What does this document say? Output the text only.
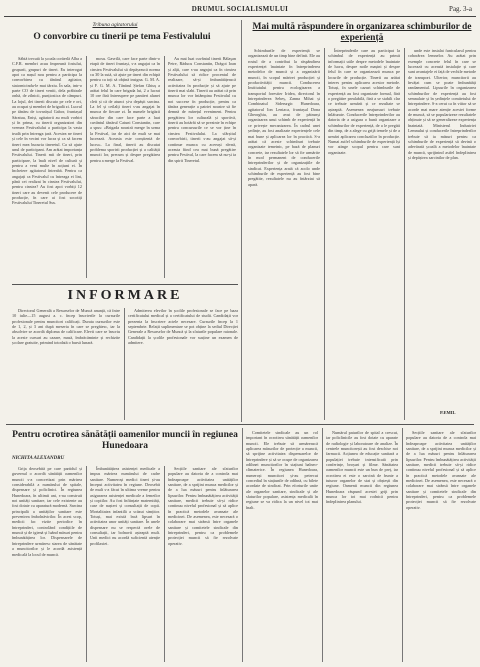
DRUMUL SOCIALISMULUI	Pag. 3-a
Tribuna agitatorului
O convorbire cu tinerii pe tema Festivalului

Săbtă trecută la școala corăerlă Alba a C.F.R. membri acuu împreună fostului, grupurii, grupuri de tineri. Eu interogat apoi ca nașul nou pentru a participa la convorbirea cu tânărul agitator, statornicindu-le mai târziu. În sala, intr-o parte CO de tineri veniti, dela prăbirale onhă, de zilnicii, punțiostica de câmpuri. La lojul, dei tinerii discuto pe cele e ori, au ocupat și membri de brigadă zi. Lucrul pe tânăru de tovarășul Gabor, fruntașul Săratuu, Eniși, agitatorii au mult vorbiri și în prima, cu tinerii organizatori din vremea Festivalului a participa la vasta trudă prin întreaga țară. Acestea ne tineri și cele în vecini vor lucra și ca să facem tineri mea bucuria tineretul. Ca să ajute unul de participant. Am arătat importanța Festivalului. Tinerii mii de tineri, prin participare, la înalt nivel de cultură și pentru a veni multe în acțiuni ei. În încheiere agitatorul întreabă. Pentru ca angajați ca Festivalul cu întreaga ei lini, până cei realizat în cinstea Festivalului, pentru cinstea? Au fost apoi vorbiți 12 tineri care au devenit cele producere de producție, în care ai fost socotiți Festivalului Tineretul Sus.

mosu. Gavrilă, care face parte dintr-o etapă de tineri fruntași, s-a angajat ca în cinstea Festivalului să depășească norma cu 30 la sută, să ajute pe tineri din echipă pentru ca toți să obțină insigna. G. M. A. și F. G. M. A. Tânărul Ștefan Ghiuș a arătat felul în care brigada lui, 2 a lucrat 10 ore fără întrerupere pe pantieri alunei cleit și că de atunci și-a depășit sarcina. La fel și ceilalți tineri s-au angajat în munca de fiecare zi. În numele brigăzii săracilor din care face parte a luat cuvântul tânărul Caiuni Constantin, care a spus: «Brigada noastră merge în urma la Festival, iar de aici de mult se mai lucrează. Aceasta este conștientă de lucru». La final, tinerii au discutat problema sporirii producției și a calității muncii lor, precum și despre pregătirea pentru a merge la Festival.

Au mai luat cuvântul tinerii Bălaşan Petre, Răducu Constantin, Drăgoi Ioan și alții, care s-au angajat ca în cinstea Festivalului să ridice procentul de realizare, să-și îmbunătățească activitatea în producție și să ajute pe tinerii mai slabi. Tinerii au arătat că prin munca lor vor întâmpina Festivalul cu noi succese în producție, pentru ca tânăra generație a patriei noastre să fie demnă de mărețul eveniment. Pentru pregătirea lor culturală și sportivă, tinerii au hotărât să se prezinte în echipe pentru concursurile ce se vor ține în cinstea Festivalului. La sfârșitul convorbirii, tinerii s-au angajat să-și continue munca cu aceeași râvnă, aceasta fiind cea mai bună pregătire pentru Festival, la care facem să nu-și ia din spirit Tineretul.

Mai multă răspundere în organizarea schimburilor de experiență

Schimburile de experiență se organizează de un timp bine definit. Ele au rostul de a contribui la răspândirea experienței înaintate în întreprinderea metodelor de muncă și a organizării muncii, în scopul mărirei producției și productivității muncii. Conducerea Institutului pentru ecologizarea a transportul forestier Iridea, directorul în întreprinderea Sebeș, Zanna Mihai și Combinatul Siderurgic Hunedoara, agitatorul Ion Leniaca, fruntașul Dona Gheorghiu, au avut de pătrunși organizarea unui schimb de experiență în ce privește mecanizarea. În cadrul unei ședințe, au fost analizate experiențele cele mai bune și aplicarea lor în practică. S-a arătat că aceste schimburi trebuie organizate temeinic, pe bază de planuri concrete, iar rezultatele lor să fie urmărite în mod permanent de conducerile întreprinderilor și de organizațiile de sindicat. Experiența arată că acolo unde schimburile de experiență au fost bine pregătite, rezultatele nu au întârziat să apară.

Întreprinderile care au participat la schimbul de experiență au primit informații utile despre metodele înaintate de lucru, despre noile mașini și despre felul în care se organizează munca pe locurile de producție. Tinerii au arătat interes pentru aplicarea acestor metode. Totuși, în unele cazuri schimburile de experiență au fost organizate formal, fără o pregătire prealabilă, fără a se stabili clar ce trebuie urmărit și ce rezultate se așteaptă. Asemenea neajunsuri trebuie înlăturate. Conducerile întreprinderilor au datoria de a asigura o bună organizare a schimburilor de experiență, de a le pregăti din timp, de a alege cu grijă temele și de a urmări aplicarea concluziilor în producție. Numai astfel schimburile de experiență își vor atinge scopul pentru care sunt organizate.

unde este instalat funicularul pentru coborârea lemnelor. Au arătat prin exemple concrete felul în care se lucrează cu această instalație și care sunt avantajele ei față de vechile metode de transport. Ulterior, muncitorii au învățat cum se poate îmbunătăți randamentul. Lipsurile în organizarea schimburilor de experiență au fost semnalate și în ședințele comitetului de întreprindere. S-a cerut ca în viitor să se acorde mai mare atenție acestei forme de muncă, să se popularizeze rezultatele obținute și să se generalizeze experiența înaintată. Ministerul Industriei Lemnului și conducerile întreprinderilor trebuie să ia măsuri pentru ca schimburile de experiență să devină o adevărată școală a metodelor înaintate de muncă, sprijinind astfel îndeplinirea și depășirea sarcinilor de plan.

P.EMIL
INFORMARE

Directorul Generală a Resurselor de Muncă anunță, că între 10 iulie—15 august a. c. încep înscrierile la cursurile profesionale pentru muncitori calificați. Durata cursurilor este de 1, 2, și 3 ani după meseria în care se pregătesc, iar la absolvire se acordă diploma de calificare. Elevii care se înscriu la aceste cursuri au cazare, masă, îmbrăcăminte și rechizite școlare gratuite, primind totodată o bursă lunară.

Admiterea elevilor în școlile profesionale se face pe baza certificatului medical și a certificatului de studii. Candidații vor prezenta la înscriere actele necesare. Cursurile încep la 1 septembrie. Relații suplimentare se pot obține la sediul Direcției Generale a Resurselor de Muncă și la sfaturile populare raionale. Candidații la școlile profesionale vor susține un examen de admitere.

Pentru ocrotirea sănătății oamenilor muncii în regiunea Hunedoara
NICHITA ALEXANDRU

Grija deosebită pe care partidul și guvernul o acordă sănătății oamenilor muncii s-a concretizat prin mărirea considerabilă a numărului de spitale, dispensare și policlinici. În regiunea Hunedoara, în ultimii ani, s-au construit noi unități sanitare, iar cele existente au fost dotate cu aparatură modernă. Sarcina principală a unităților sanitare este prevenirea îmbolnăvirilor. În acest scop, medicii fac vizite periodice în întreprinderi, controlând condițiile de muncă și de igienă și luând măsuri pentru îmbunătățirea lor. Dispensarele de întreprindere urmăresc starea de sănătate a muncitorilor și le acordă asistență medicală la locul de muncă.

Îmbunătățirea asistenței medicale a impus mărirea numărului de cadre sanitare. Numeroși medici tineri și-au început activitatea în regiune. Deosebit de mult s-a făcut în ultima vreme pentru asigurarea asistenței medicale a femeilor și copiilor. Au fost înființate maternități, case de nașteri și consultații de copii. Mortalitatea infantilă a scăzut simțitor. Totuși, mai există încă lipsuri în activitatea unor unități sanitare. În unele dispensare nu se respectă orele de consultații, iar bolnavii așteaptă mult. Unii medici nu acordă suficientă atenție profilaxiei.

Secțiile sanitare ale sfaturilor populare au datoria de a controla mai îndeaproape activitatea unităților sanitare, de a sprijini munca medicilor și de a lua măsuri pentru înlăturarea lipsurilor. Pentru îmbunătățirea activității sanitare, medicii trebuie să-și ridice continuu nivelul profesional și să aplice în practică metodele avansate ale medicinei. De asemenea, este necesară o colaborare mai strânsă între organele sanitare și comitetele sindicale din întreprinderi, pentru ca problemele protecției muncii să fie rezolvate operativ.

Comitetele sindicale au un rol important în ocrotirea sănătății oamenilor muncii. Ele trebuie să urmărească aplicarea măsurilor de protecție a muncii, să sprijine activitatea dispensarelor de întreprindere și să se ocupe de organizarea odihnei muncitorilor în stațiuni balneo-climaterice. În regiunea Hunedoara, numeroși muncitori și-au petrecut concediul în stațiunile de odihnă, cu bilete acordate de sindicat. Prin eforturile unite ale organelor sanitare, sindicale și ale sfaturilor populare, asistența medicală în regiune se va ridica la un nivel tot mai înalt.

Numărul paturilor de spital a crescut, iar policlinicile au fost dotate cu aparate de radiologie și laboratoare de analize. În centrele muncitorești au fost deschise noi farmacii. Acțiunea de educație sanitară a populației trebuie intensificată prin conferințe, broșuri și filme. Sănătatea oamenilor muncii este un bun de preț, iar ocrotirea ei este o sarcină de frunte a tuturor organelor de stat și obștești din regiune. Oamenii muncii din regiunea Hunedoara răspund acestei griji prin munca lor tot mai rodnică pentru îndeplinirea planului.

Secțiile sanitare ale sfaturilor populare au datoria de a controla mai îndeaproape activitatea unităților sanitare, de a sprijini munca medicilor și de a lua măsuri pentru înlăturarea lipsurilor. Pentru îmbunătățirea activității sanitare, medicii trebuie să-și ridice continuu nivelul profesional și să aplice în practică metodele avansate ale medicinei. De asemenea, este necesară o colaborare mai strânsă între organele sanitare și comitetele sindicale din întreprinderi, pentru ca problemele protecției muncii să fie rezolvate operativ.
